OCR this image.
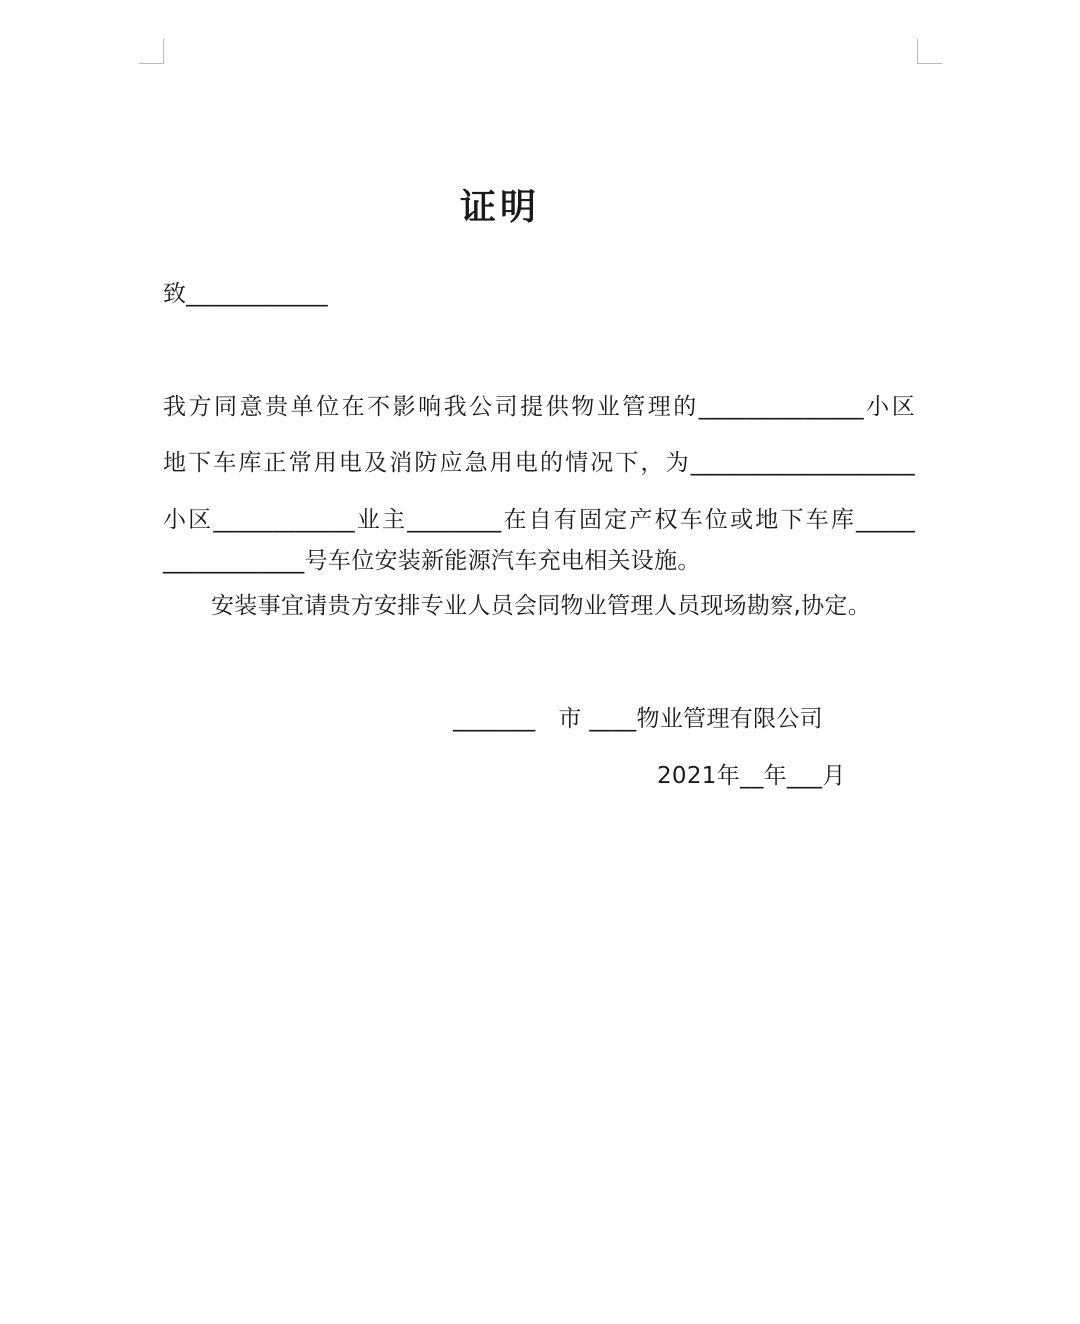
证明
致____________
我方同意贵单位在不影响我公司提供物业管理的______________小区
地下车库正常用电及消防应急用电的情况下，为___________________
小区____________业主________在自有固定产权车位或地下车库_____
____________号车位安装新能源汽车充电相关设施。
安装事宜请贵方安排专业人员会同物业管理人员现场勘察,协定。
_______   市 ____物业管理有限公司
2021年__年___月
